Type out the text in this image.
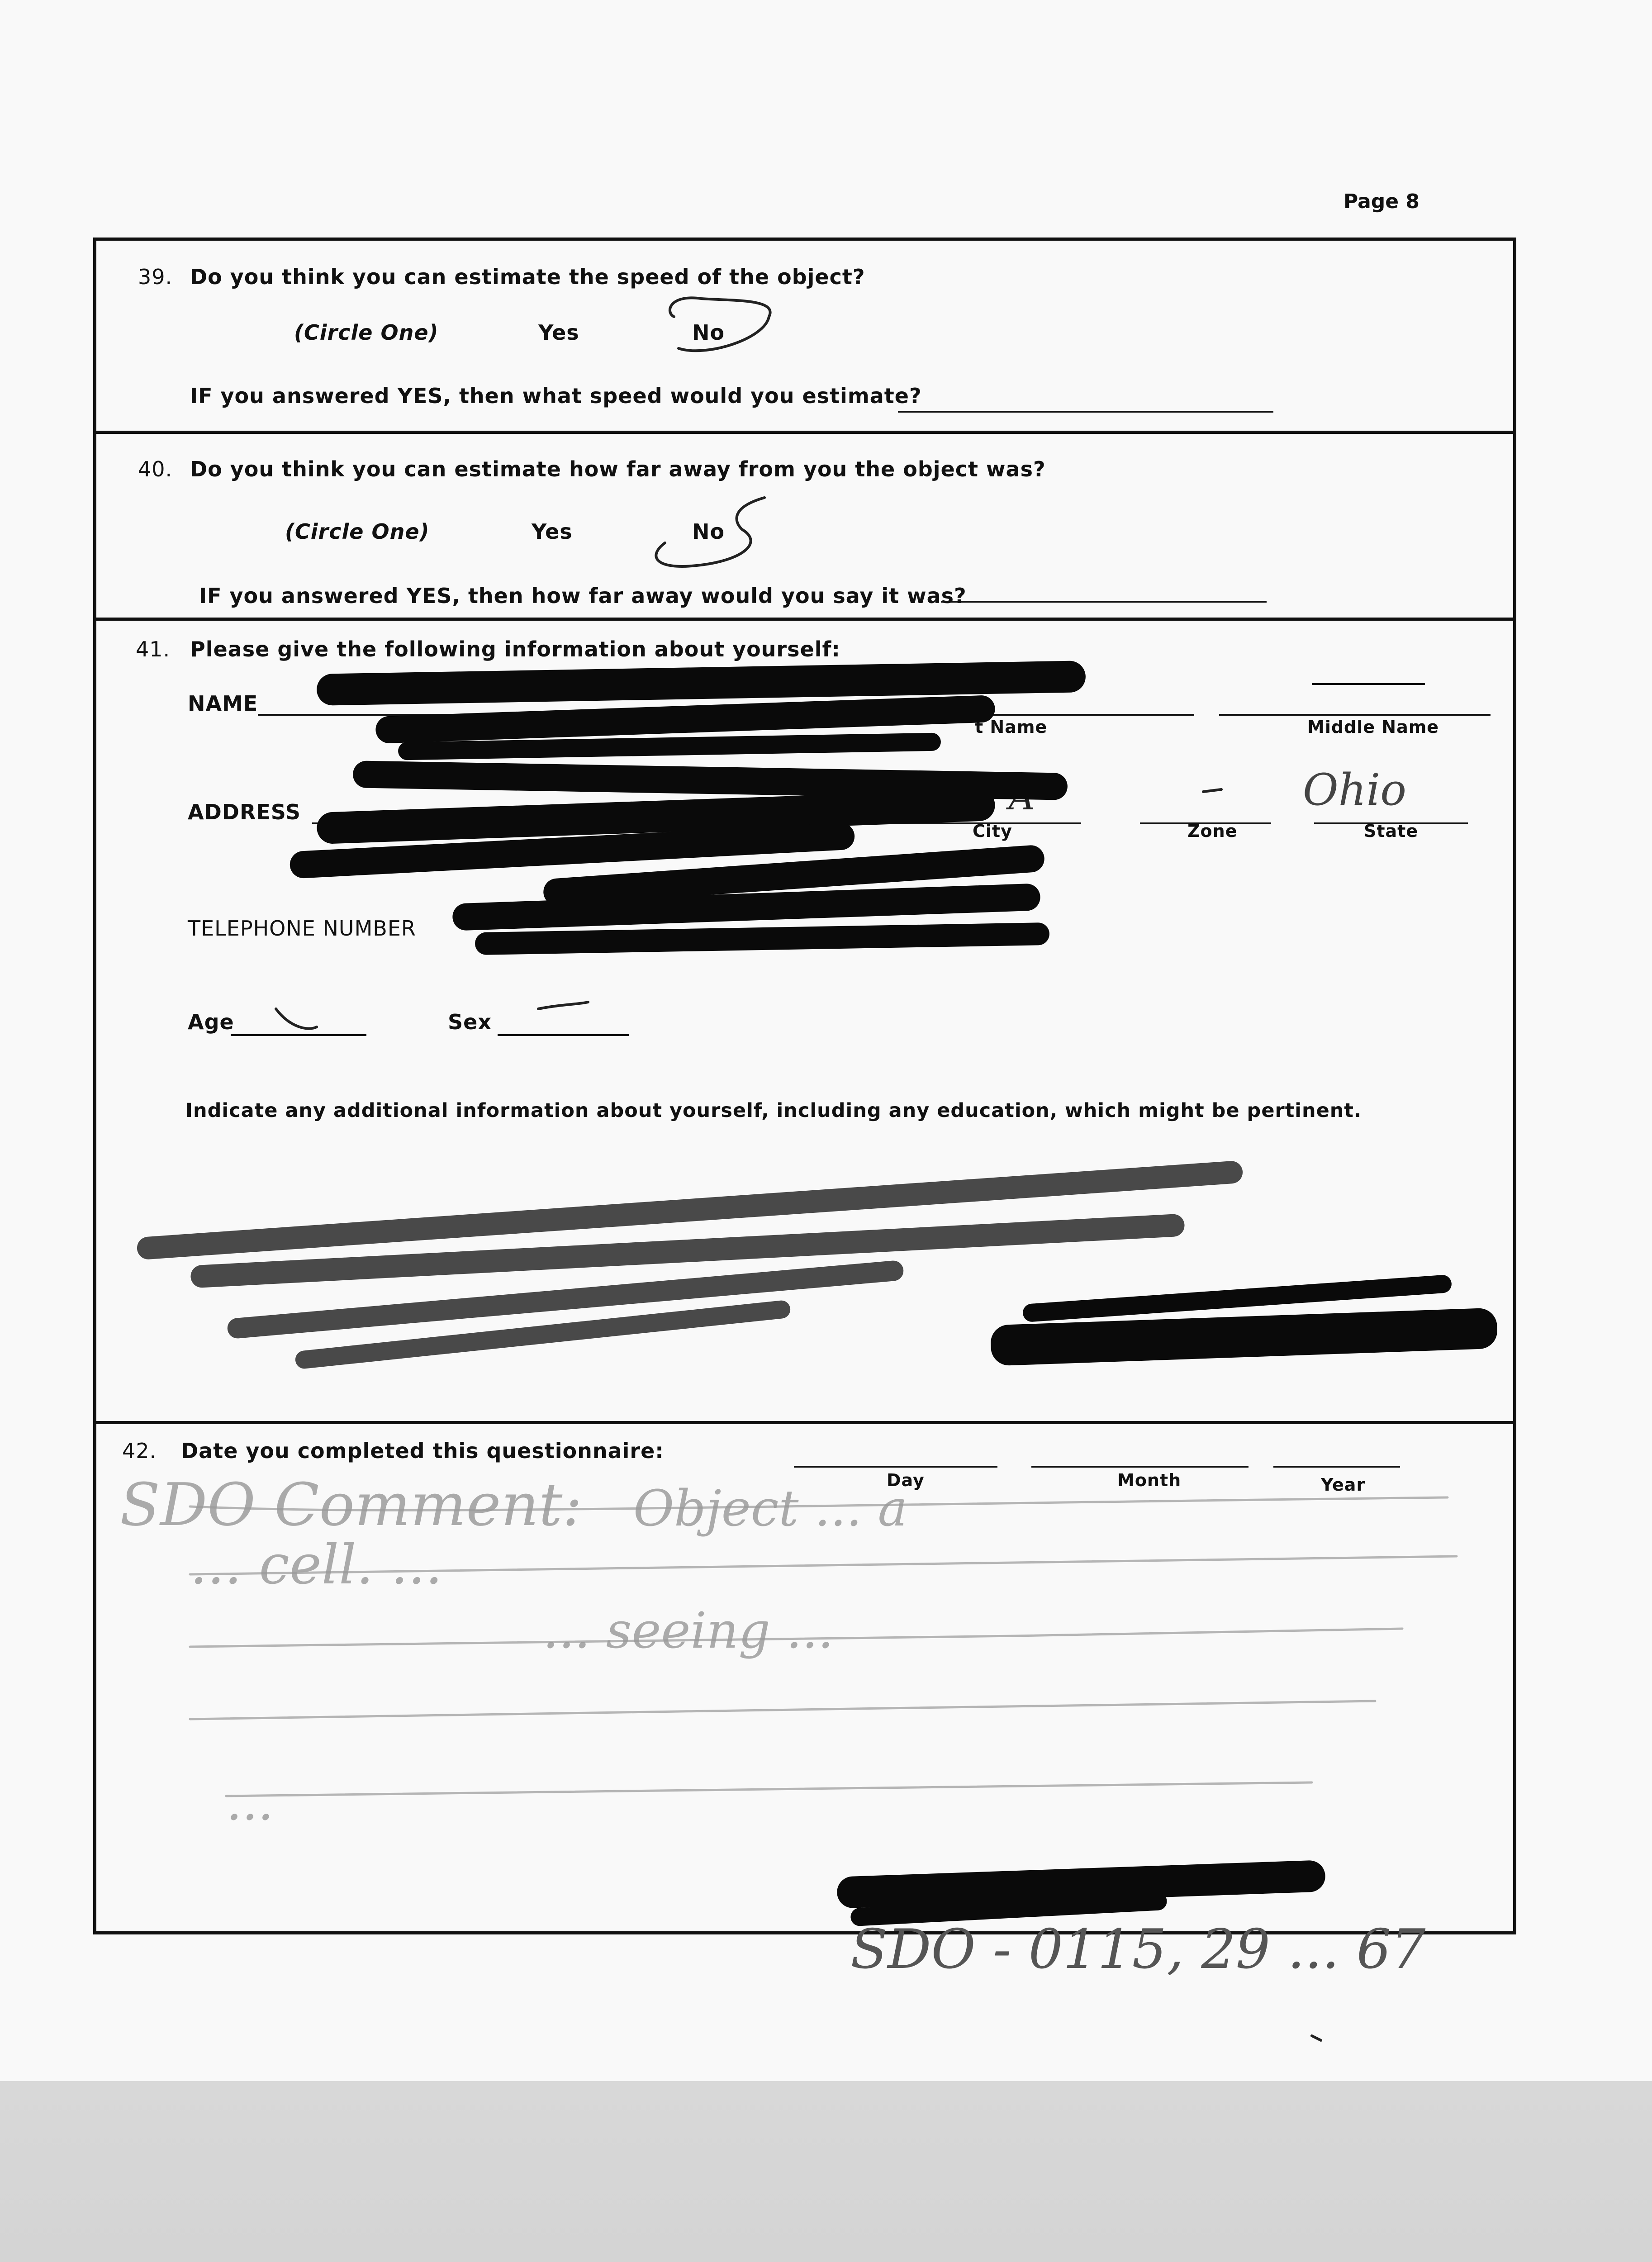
Page 8
39. Do you think you can estimate the speed of the object?
(Circle One)	Yes	No
IF you answered YES, then what speed would you estimate?
40. Do you think you can estimate how far away from you the object was?
(Circle One)	Yes	No
IF you answered YES, then how far away would you say it was?
41. Please give the following information about yourself:
NAME
t Name	Middle Name
ADDRESS
City	Zone	State
Ohio
TELEPHONE NUMBER
Age	Sex
Indicate any additional information about yourself, including any education, which might be pertinent.
42. Date you completed this questionnaire:
Day	Month	Year
SDO Comment: Object ... a
... cell. ...
... seeing ...
...
SDO - 0115, 29 ... 67
